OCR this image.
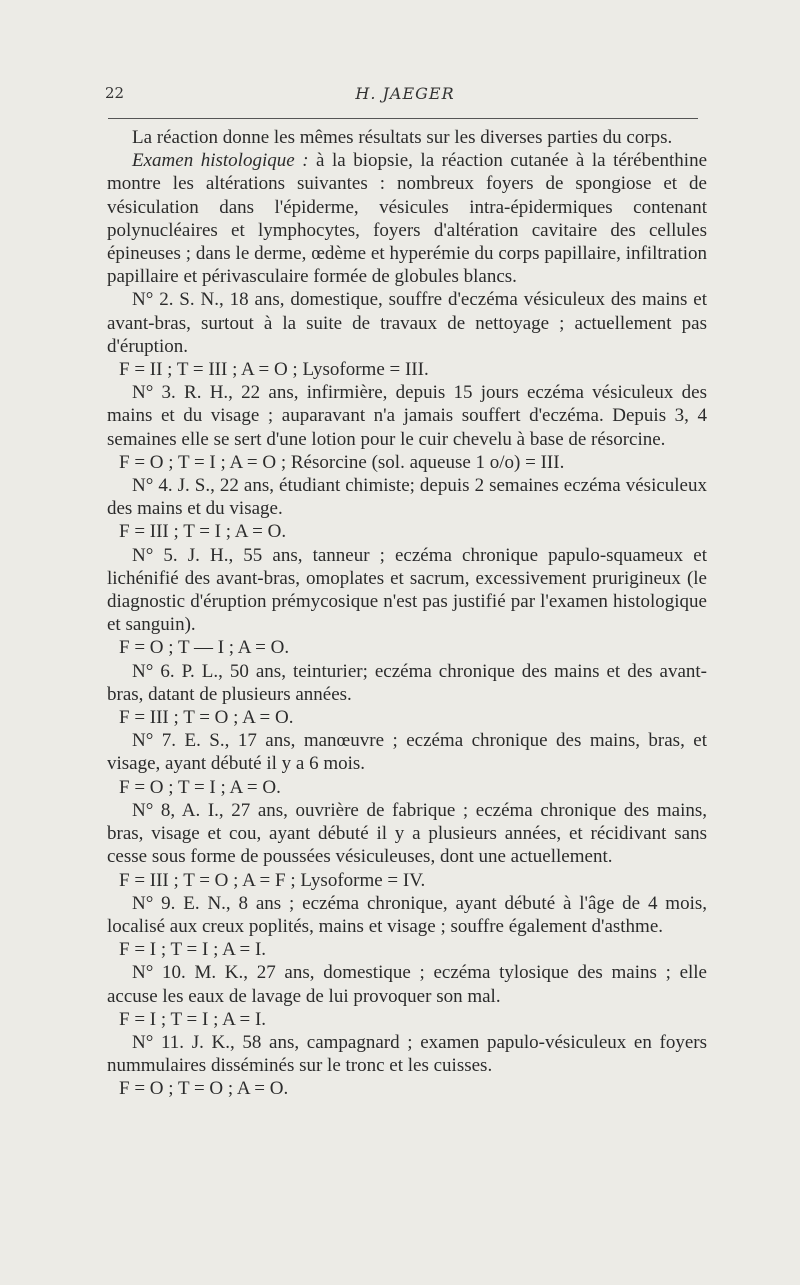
22	H. JAEGER

La réaction donne les mêmes résultats sur les diverses parties du corps.

Examen histologique : à la biopsie, la réaction cutanée à la térébenthine montre les altérations suivantes : nombreux foyers de spongiose et de vésiculation dans l'épiderme, vésicules intra-épidermiques contenant polynucléaires et lymphocytes, foyers d'altération cavitaire des cellules épineuses ; dans le derme, œdème et hyperémie du corps papillaire, infiltration papillaire et périvasculaire formée de globules blancs.

N° 2. S. N., 18 ans, domestique, souffre d'eczéma vésiculeux des mains et avant-bras, surtout à la suite de travaux de nettoyage ; actuellement pas d'éruption.

F = II ; T = III ; A = O ; Lysoforme = III.

N° 3. R. H., 22 ans, infirmière, depuis 15 jours eczéma vésiculeux des mains et du visage ; auparavant n'a jamais souffert d'eczéma. Depuis 3, 4 semaines elle se sert d'une lotion pour le cuir chevelu à base de résorcine.

F = O ; T = I ; A = O ; Résorcine (sol. aqueuse 1 o/o) = III.

N° 4. J. S., 22 ans, étudiant chimiste; depuis 2 semaines eczéma vésiculeux des mains et du visage.

F = III ; T = I ; A = O.

N° 5. J. H., 55 ans, tanneur ; eczéma chronique papulo-squameux et lichénifié des avant-bras, omoplates et sacrum, excessivement prurigineux (le diagnostic d'éruption prémycosique n'est pas justifié par l'examen histologique et sanguin).

F = O ; T — I ; A = O.

N° 6. P. L., 50 ans, teinturier; eczéma chronique des mains et des avant-bras, datant de plusieurs années.

F = III ; T = O ; A = O.

N° 7. E. S., 17 ans, manœuvre ; eczéma chronique des mains, bras, et visage, ayant débuté il y a 6 mois.

F = O ; T = I ; A = O.

N° 8, A. I., 27 ans, ouvrière de fabrique ; eczéma chronique des mains, bras, visage et cou, ayant débuté il y a plusieurs années, et récidivant sans cesse sous forme de poussées vésiculeuses, dont une actuellement.

F = III ; T = O ; A = F ; Lysoforme = IV.

N° 9. E. N., 8 ans ; eczéma chronique, ayant débuté à l'âge de 4 mois, localisé aux creux poplités, mains et visage ; souffre également d'asthme.

F = I ; T = I ; A = I.

N° 10. M. K., 27 ans, domestique ; eczéma tylosique des mains ; elle accuse les eaux de lavage de lui provoquer son mal.

F = I ; T = I ; A = I.

N° 11. J. K., 58 ans, campagnard ; examen papulo-vésiculeux en foyers nummulaires disséminés sur le tronc et les cuisses.

F = O ; T = O ; A = O.
